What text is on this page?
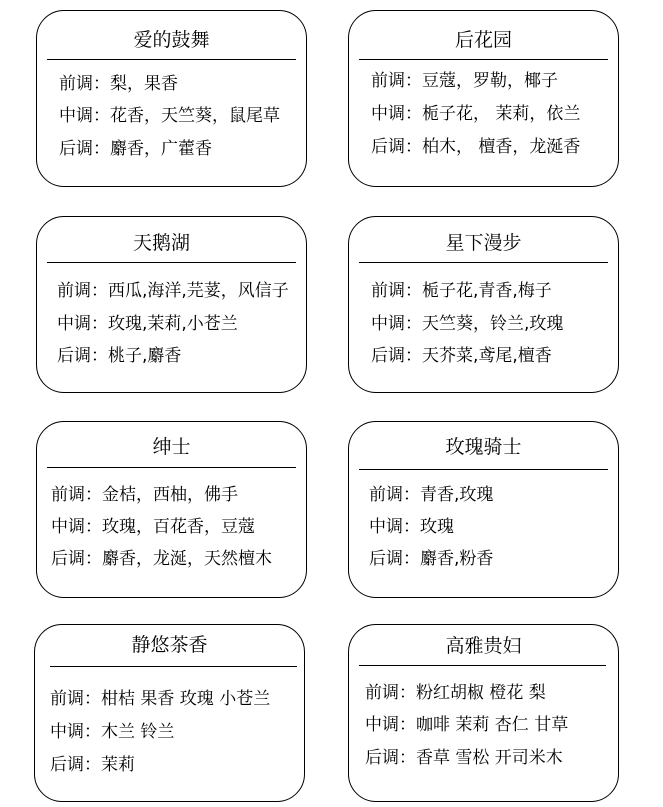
爱的鼓舞
前调：梨，果香
中调：花香，天竺葵，鼠尾草
后调：麝香，广藿香
后花园
前调：豆蔻，罗勒，椰子
中调：栀子花， 茉莉，依兰
后调：柏木， 檀香，龙涎香
天鹅湖
前调：西瓜,海洋,芫荽，风信子
中调：玫瑰,茉莉,小苍兰
后调：桃子,麝香
星下漫步
前调：栀子花,青香,梅子
中调：天竺葵，铃兰,玫瑰
后调：天芥菜,鸢尾,檀香
绅士
前调：金桔，西柚，佛手
中调：玫瑰，百花香，豆蔻
后调：麝香，龙涎，天然檀木
玫瑰骑士
前调：青香,玫瑰
中调：玫瑰
后调：麝香,粉香
静悠茶香
前调：柑桔 果香 玫瑰 小苍兰
中调：木兰 铃兰
后调：茉莉
高雅贵妇
前调：粉红胡椒 橙花 梨
中调：咖啡 茉莉 杏仁 甘草
后调：香草 雪松 开司米木
